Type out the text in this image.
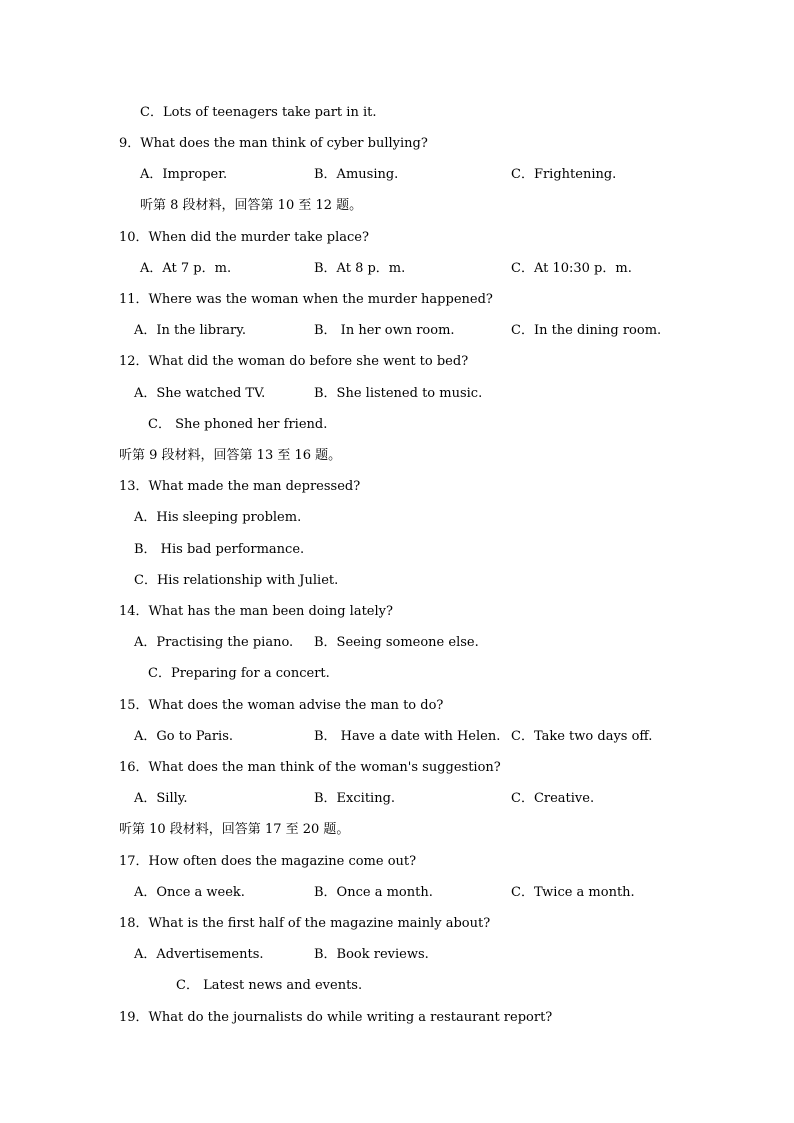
C．Lots of teenagers take part in it.
9．What does the man think of cyber bullying?
A．Improper.	B．Amusing.	C．Frightening.
听第 8 段材料，回答第 10 至 12 题。
10．When did the murder take place?
A．At 7 p．m.	B．At 8 p．m.	C．At 10:30 p．m.
11．Where was the woman when the murder happened?
A．In the library.	B． In her own room.	C．In the dining room.
12．What did the woman do before she went to bed?
A．She watched TV.	B．She listened to music.
C． She phoned her friend.
听第 9 段材料，回答第 13 至 16 题。
13．What made the man depressed?
A．His sleeping problem.
B． His bad performance.
C．His relationship with Juliet.
14．What has the man been doing lately?
A．Practising the piano. B．Seeing someone else.
C．Preparing for a concert.
15．What does the woman advise the man to do?
A．Go to Paris.	B． Have a date with Helen. C．Take two days off.
16．What does the man think of the woman's suggestion?
A．Silly.	B．Exciting.	C．Creative.
听第 10 段材料，回答第 17 至 20 题。
17．How often does the magazine come out?
A．Once a week.	B．Once a month.	C．Twice a month.
18．What is the first half of the magazine mainly about?
A．Advertisements.	B．Book reviews.
C． Latest news and events.
19．What do the journalists do while writing a restaurant report?
